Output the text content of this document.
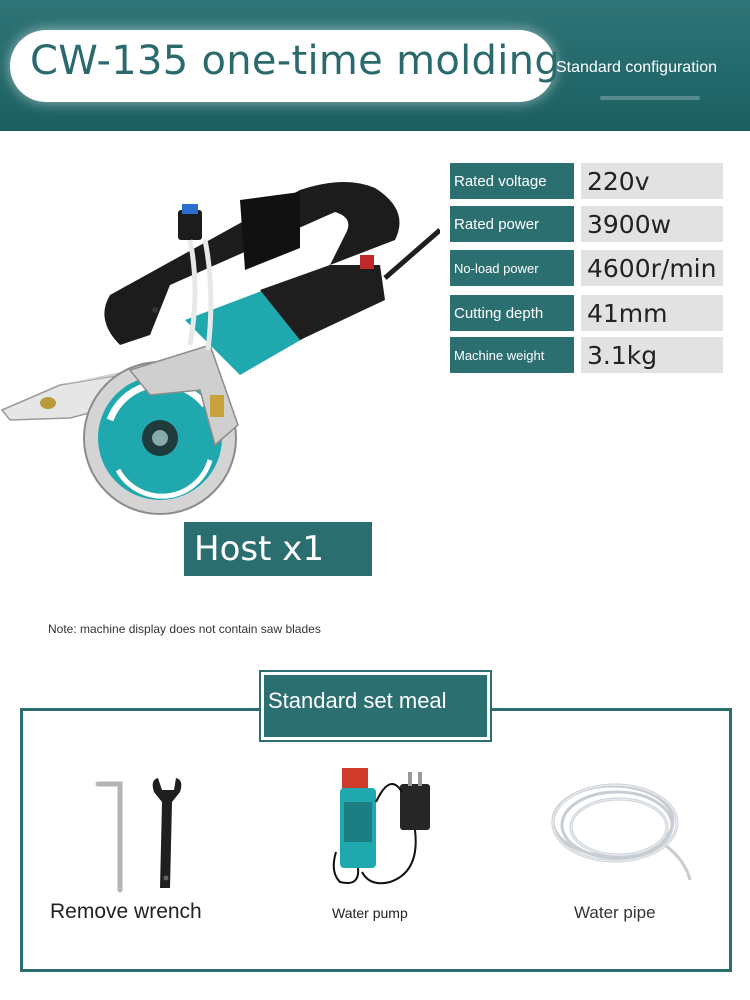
CW-135 one-time molding
Standard configuration
Rated voltage	220v
Rated power	3900w
No-load power	4600r/min
Cutting depth	41mm
Machine weight	3.1kg
Host x1
Note: machine display does not contain saw blades
Standard set meal
Remove wrench	Water pump	Water pipe
